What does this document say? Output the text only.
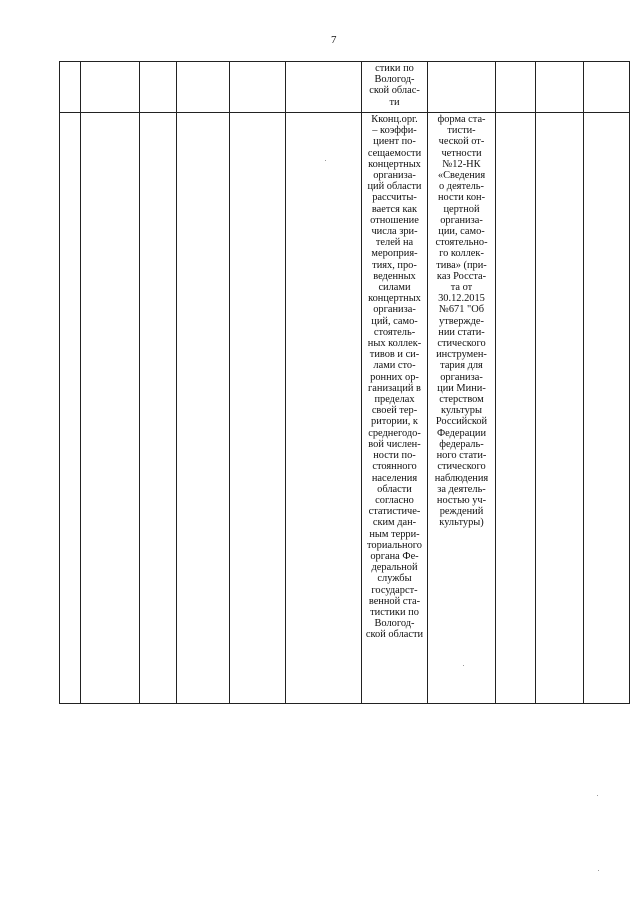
7
стики по
Вологод-
ской облас-
ти
Кконц.орг.
– коэффи-
циент по-
сещаемости
концертных
организа-
ций области
рассчиты-
вается как
отношение
числа зри-
телей на
мероприя-
тиях, про-
веденных
силами
концертных
организа-
ций, само-
стоятель-
ных коллек-
тивов и си-
лами сто-
ронних ор-
ганизаций в
пределах
своей тер-
ритории, к
среднегодо-
вой числен-
ности по-
стоянного
населения
области
согласно
статистиче-
ским дан-
ным терри-
ториального
органа Фе-
деральной
службы
государст-
венной ста-
тистики по
Вологод-
ской области
форма ста-
тисти-
ческой от-
четности
№12-НК
«Сведения
о деятель-
ности кон-
цертной
организа-
ции, само-
стоятельно-
го коллек-
тива» (при-
каз Росста-
та от
30.12.2015
№671 "Об
утвержде-
нии стати-
стического
инструмен-
тария для
организа-
ции Мини-
стерством
культуры
Российской
Федерации
федераль-
ного стати-
стического
наблюдения
за деятель-
ностью уч-
реждений
культуры)
